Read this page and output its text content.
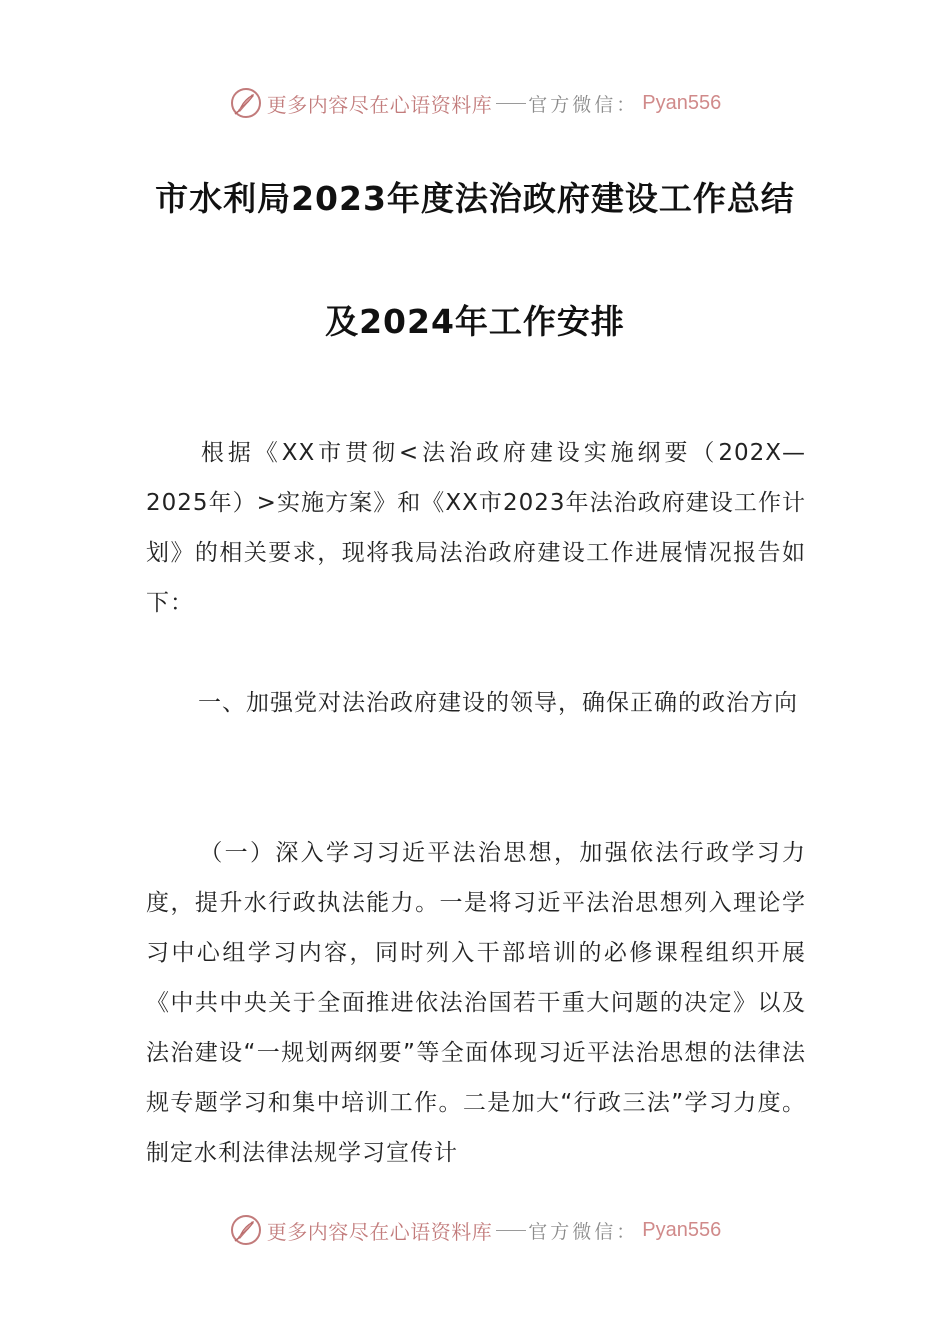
更多内容尽在心语资料库 官方微信： Pyan556
市水利局2023年度法治政府建设工作总结
及2024年工作安排
根据《XX市贯彻<法治政府建设实施纲要（202X—2025年）>实施方案》和《XX市2023年法治政府建设工作计划》的相关要求，现将我局法治政府建设工作进展情况报告如下：
一、加强党对法治政府建设的领导，确保正确的政治方向
（一）深入学习习近平法治思想，加强依法行政学习力度，提升水行政执法能力。一是将习近平法治思想列入理论学习中心组学习内容，同时列入干部培训的必修课程组织开展《中共中央关于全面推进依法治国若干重大问题的决定》以及法治建设“一规划两纲要”等全面体现习近平法治思想的法律法规专题学习和集中培训工作。二是加大“行政三法”学习力度。制定水利法律法规学习宣传计
更多内容尽在心语资料库 官方微信： Pyan556
